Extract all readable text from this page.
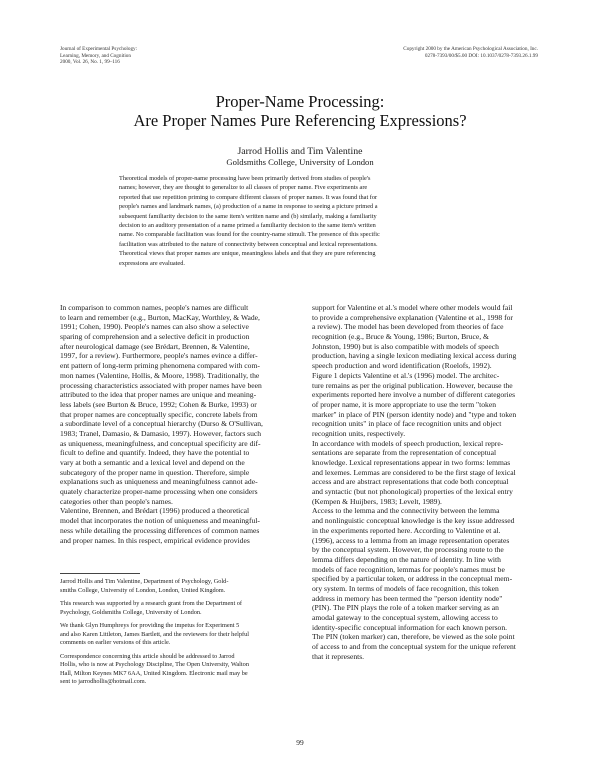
Journal of Experimental Psychology:
Learning, Memory, and Cognition
2000, Vol. 26, No. 1, 99–116
Copyright 2000 by the American Psychological Association, Inc.
0278-7393/00/$5.00 DOI: 10.1037/0278-7393.26.1.99
Proper-Name Processing:
Are Proper Names Pure Referencing Expressions?
Jarrod Hollis and Tim Valentine
Goldsmiths College, University of London
Theoretical models of proper-name processing have been primarily derived from studies of people's
names; however, they are thought to generalize to all classes of proper name. Five experiments are
reported that use repetition priming to compare different classes of proper names. It was found that for
people's names and landmark names, (a) production of a name in response to seeing a picture primed a
subsequent familiarity decision to the same item's written name and (b) similarly, making a familiarity
decision to an auditory presentation of a name primed a familiarity decision to the same item's written
name. No comparable facilitation was found for the country-name stimuli. The presence of this specific
facilitation was attributed to the nature of connectivity between conceptual and lexical representations.
Theoretical views that proper names are unique, meaningless labels and that they are pure referencing
expressions are evaluated.
In comparison to common names, people's names are difficult
to learn and remember (e.g., Burton, MacKay, Worthley, & Wade,
1991; Cohen, 1990). People's names can also show a selective
sparing of comprehension and a selective deficit in production
after neurological damage (see Brédart, Brennen, & Valentine,
1997, for a review). Furthermore, people's names evince a differ-
ent pattern of long-term priming phenomena compared with com-
mon names (Valentine, Hollis, & Moore, 1998). Traditionally, the
processing characteristics associated with proper names have been
attributed to the idea that proper names are unique and meaning-
less labels (see Burton & Bruce, 1992; Cohen & Burke, 1993) or
that proper names are conceptually specific, concrete labels from
a subordinate level of a conceptual hierarchy (Durso & O'Sullivan,
1983; Tranel, Damasio, & Damasio, 1997). However, factors such
as uniqueness, meaningfulness, and conceptual specificity are dif-
ficult to define and quantify. Indeed, they have the potential to
vary at both a semantic and a lexical level and depend on the
subcategory of the proper name in question. Therefore, simple
explanations such as uniqueness and meaningfulness cannot ade-
quately characterize proper-name processing when one considers
categories other than people's names.
Valentine, Brennen, and Brédart (1996) produced a theoretical
model that incorporates the notion of uniqueness and meaningful-
ness while detailing the processing differences of common names
and proper names. In this respect, empirical evidence provides
Jarrod Hollis and Tim Valentine, Department of Psychology, Gold-
smiths College, University of London, London, United Kingdom.
This research was supported by a research grant from the Department of
Psychology, Goldsmiths College, University of London.
We thank Glyn Humphreys for providing the impetus for Experiment 5
and also Karen Littleton, James Bartlett, and the reviewers for their helpful
comments on earlier versions of this article.
Correspondence concerning this article should be addressed to Jarrod
Hollis, who is now at Psychology Discipline, The Open University, Walton
Hall, Milton Keynes MK7 6AA, United Kingdom. Electronic mail may be
sent to jarrodhollis@hotmail.com.
support for Valentine et al.'s model where other models would fail
to provide a comprehensive explanation (Valentine et al., 1998 for
a review). The model has been developed from theories of face
recognition (e.g., Bruce & Young, 1986; Burton, Bruce, &
Johnston, 1990) but is also compatible with models of speech
production, having a single lexicon mediating lexical access during
speech production and word identification (Roelofs, 1992).
Figure 1 depicts Valentine et al.'s (1996) model. The architec-
ture remains as per the original publication. However, because the
experiments reported here involve a number of different categories
of proper name, it is more appropriate to use the term "token
marker" in place of PIN (person identity node) and "type and token
recognition units" in place of face recognition units and object
recognition units, respectively.
In accordance with models of speech production, lexical repre-
sentations are separate from the representation of conceptual
knowledge. Lexical representations appear in two forms: lemmas
and lexemes. Lemmas are considered to be the first stage of lexical
access and are abstract representations that code both conceptual
and syntactic (but not phonological) properties of the lexical entry
(Kempen & Huijbers, 1983; Levelt, 1989).
Access to the lemma and the connectivity between the lemma
and nonlinguistic conceptual knowledge is the key issue addressed
in the experiments reported here. According to Valentine et al.
(1996), access to a lemma from an image representation operates
by the conceptual system. However, the processing route to the
lemma differs depending on the nature of identity. In line with
models of face recognition, lemmas for people's names must be
specified by a particular token, or address in the conceptual mem-
ory system. In terms of models of face recognition, this token
address in memory has been termed the "person identity node"
(PIN). The PIN plays the role of a token marker serving as an
amodal gateway to the conceptual system, allowing access to
identity-specific conceptual information for each known person.
The PIN (token marker) can, therefore, be viewed as the sole point
of access to and from the conceptual system for the unique referent
that it represents.
99
